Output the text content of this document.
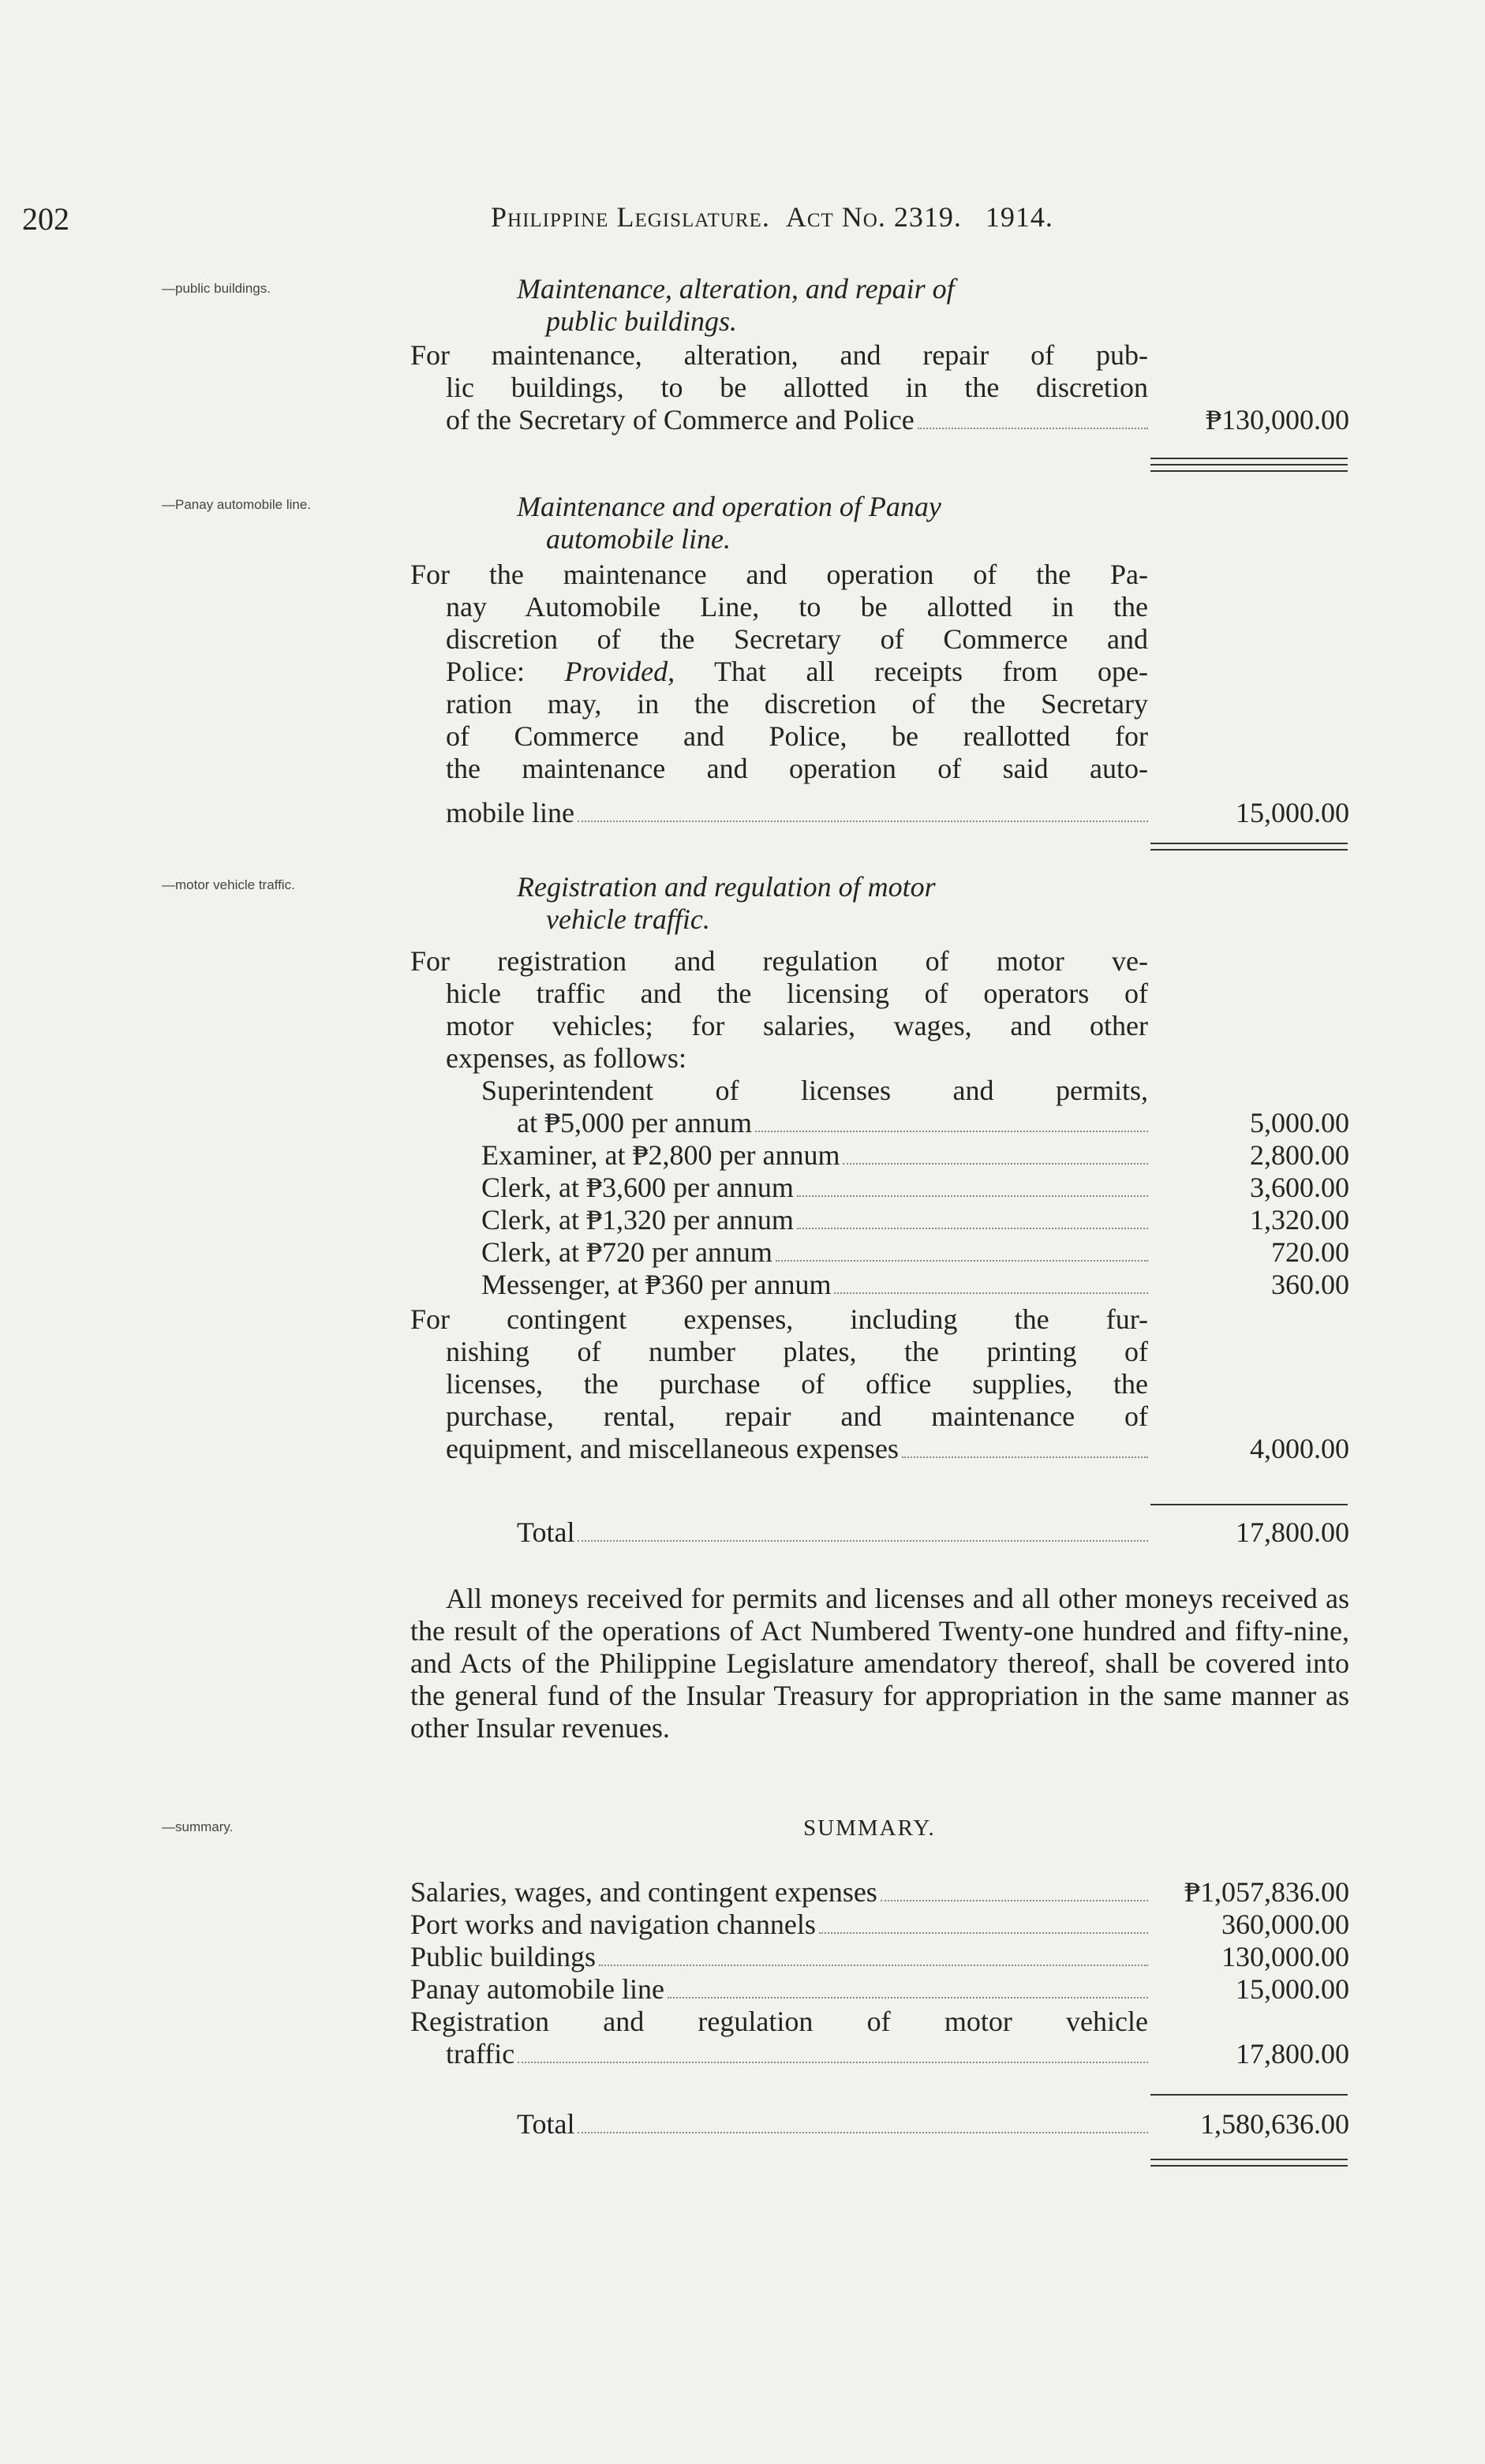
202	Philippine Legislature. Act No. 2319. 1914.
—public buildings.	Maintenance, alteration, and repair of
public buildings.
For maintenance, alteration, and repair of pub-
lic buildings, to be allotted in the discretion
of the Secretary of Commerce and Police	₱130,000.00
—Panay automobile line.	Maintenance and operation of Panay
automobile line.
For the maintenance and operation of the Pa-
nay Automobile Line, to be allotted in the
discretion of the Secretary of Commerce and
Police: Provided, That all receipts from ope-
ration may, in the discretion of the Secretary
of Commerce and Police, be reallotted for
the maintenance and operation of said auto-
mobile line	15,000.00
—motor vehicle traffic.	Registration and regulation of motor
vehicle traffic.
For registration and regulation of motor ve-
hicle traffic and the licensing of operators of
motor vehicles; for salaries, wages, and other
expenses, as follows:
Superintendent of licenses and permits,
at ₱5,000 per annum	5,000.00
Examiner, at ₱2,800 per annum	2,800.00
Clerk, at ₱3,600 per annum	3,600.00
Clerk, at ₱1,320 per annum	1,320.00
Clerk, at ₱720 per annum	720.00
Messenger, at ₱360 per annum	360.00
For contingent expenses, including the fur-
nishing of number plates, the printing of
licenses, the purchase of office supplies, the
purchase, rental, repair and maintenance of
equipment, and miscellaneous expenses	4,000.00
Total	17,800.00
All moneys received for permits and licenses and all other moneys received as the result of the operations of Act Numbered Twenty-one hundred and fifty-nine, and Acts of the Philippine Legislature amendatory thereof, shall be covered into the general fund of the Insular Treasury for appropriation in the same manner as other Insular revenues.
—summary.	SUMMARY.
Salaries, wages, and contingent expenses	₱1,057,836.00
Port works and navigation channels	360,000.00
Public buildings	130,000.00
Panay automobile line	15,000.00
Registration and regulation of motor vehicle
traffic	17,800.00
Total	1,580,636.00
